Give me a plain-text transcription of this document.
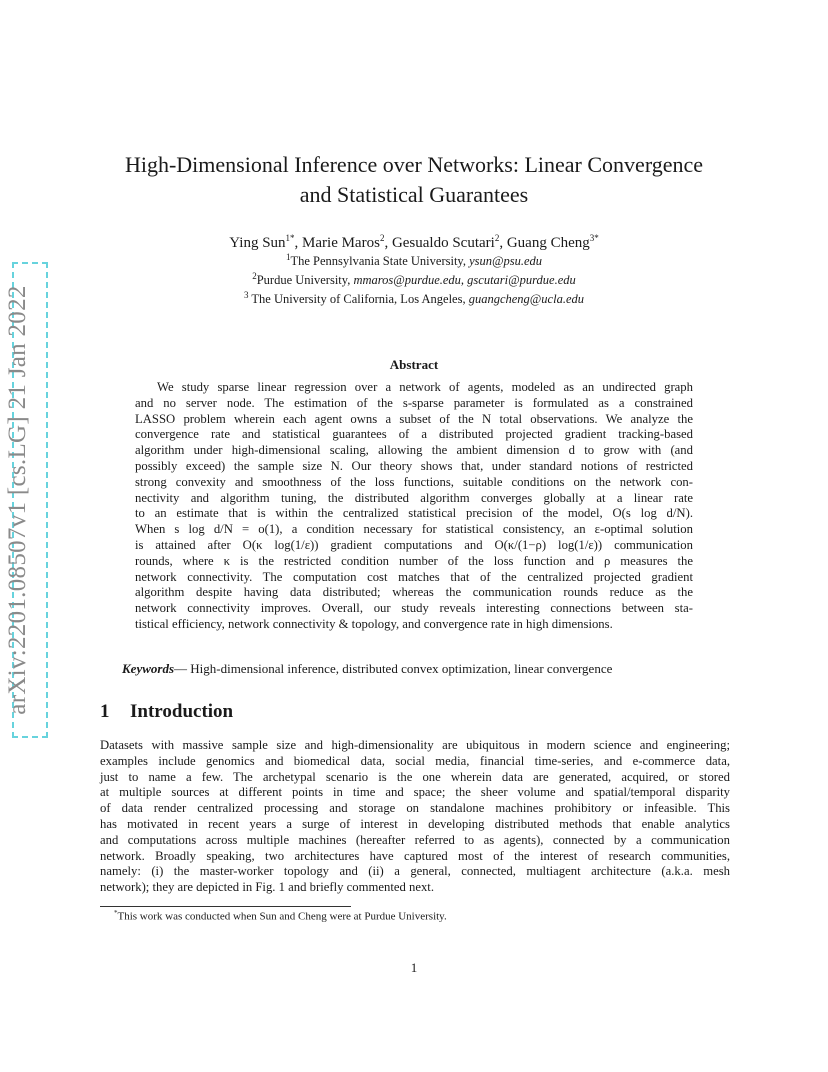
arXiv:2201.08507v1 [cs.LG] 21 Jan 2022
High-Dimensional Inference over Networks: Linear Convergence
and Statistical Guarantees
Ying Sun$^{1*}$, Marie Maros$^2$, Gesualdo Scutari$^2$, Guang Cheng$^{3*}$
$^1$The Pennsylvania State University, ysun@psu.edu
$^2$Purdue University, mmaros@purdue.edu, gscutari@purdue.edu
$^3$ The University of California, Los Angeles, guangcheng@ucla.edu
Abstract
We study sparse linear regression over a network of agents, modeled as an undirected graph
and no server node. The estimation of the s-sparse parameter is formulated as a constrained
LASSO problem wherein each agent owns a subset of the N total observations. We analyze the
convergence rate and statistical guarantees of a distributed projected gradient tracking-based
algorithm under high-dimensional scaling, allowing the ambient dimension d to grow with (and
possibly exceed) the sample size N. Our theory shows that, under standard notions of restricted
strong convexity and smoothness of the loss functions, suitable conditions on the network con-
nectivity and algorithm tuning, the distributed algorithm converges globally at a linear rate
to an estimate that is within the centralized statistical precision of the model, O(s log d/N).
When s log d/N = o(1), a condition necessary for statistical consistency, an ε-optimal solution
is attained after O(κ log(1/ε)) gradient computations and O(κ/(1−ρ) log(1/ε)) communication
rounds, where κ is the restricted condition number of the loss function and ρ measures the
network connectivity. The computation cost matches that of the centralized projected gradient
algorithm despite having data distributed; whereas the communication rounds reduce as the
network connectivity improves. Overall, our study reveals interesting connections between sta-
tistical efficiency, network connectivity & topology, and convergence rate in high dimensions.
Keywords— High-dimensional inference, distributed convex optimization, linear convergence
1 Introduction
Datasets with massive sample size and high-dimensionality are ubiquitous in modern science and engineering;
examples include genomics and biomedical data, social media, financial time-series, and e-commerce data,
just to name a few. The archetypal scenario is the one wherein data are generated, acquired, or stored
at multiple sources at different points in time and space; the sheer volume and spatial/temporal disparity
of data render centralized processing and storage on standalone machines prohibitory or infeasible. This
has motivated in recent years a surge of interest in developing distributed methods that enable analytics
and computations across multiple machines (hereafter referred to as agents), connected by a communication
network. Broadly speaking, two architectures have captured most of the interest of research communities,
namely: (i) the master-worker topology and (ii) a general, connected, multiagent architecture (a.k.a. mesh
network); they are depicted in Fig. 1 and briefly commented next.
*This work was conducted when Sun and Cheng were at Purdue University.
1
